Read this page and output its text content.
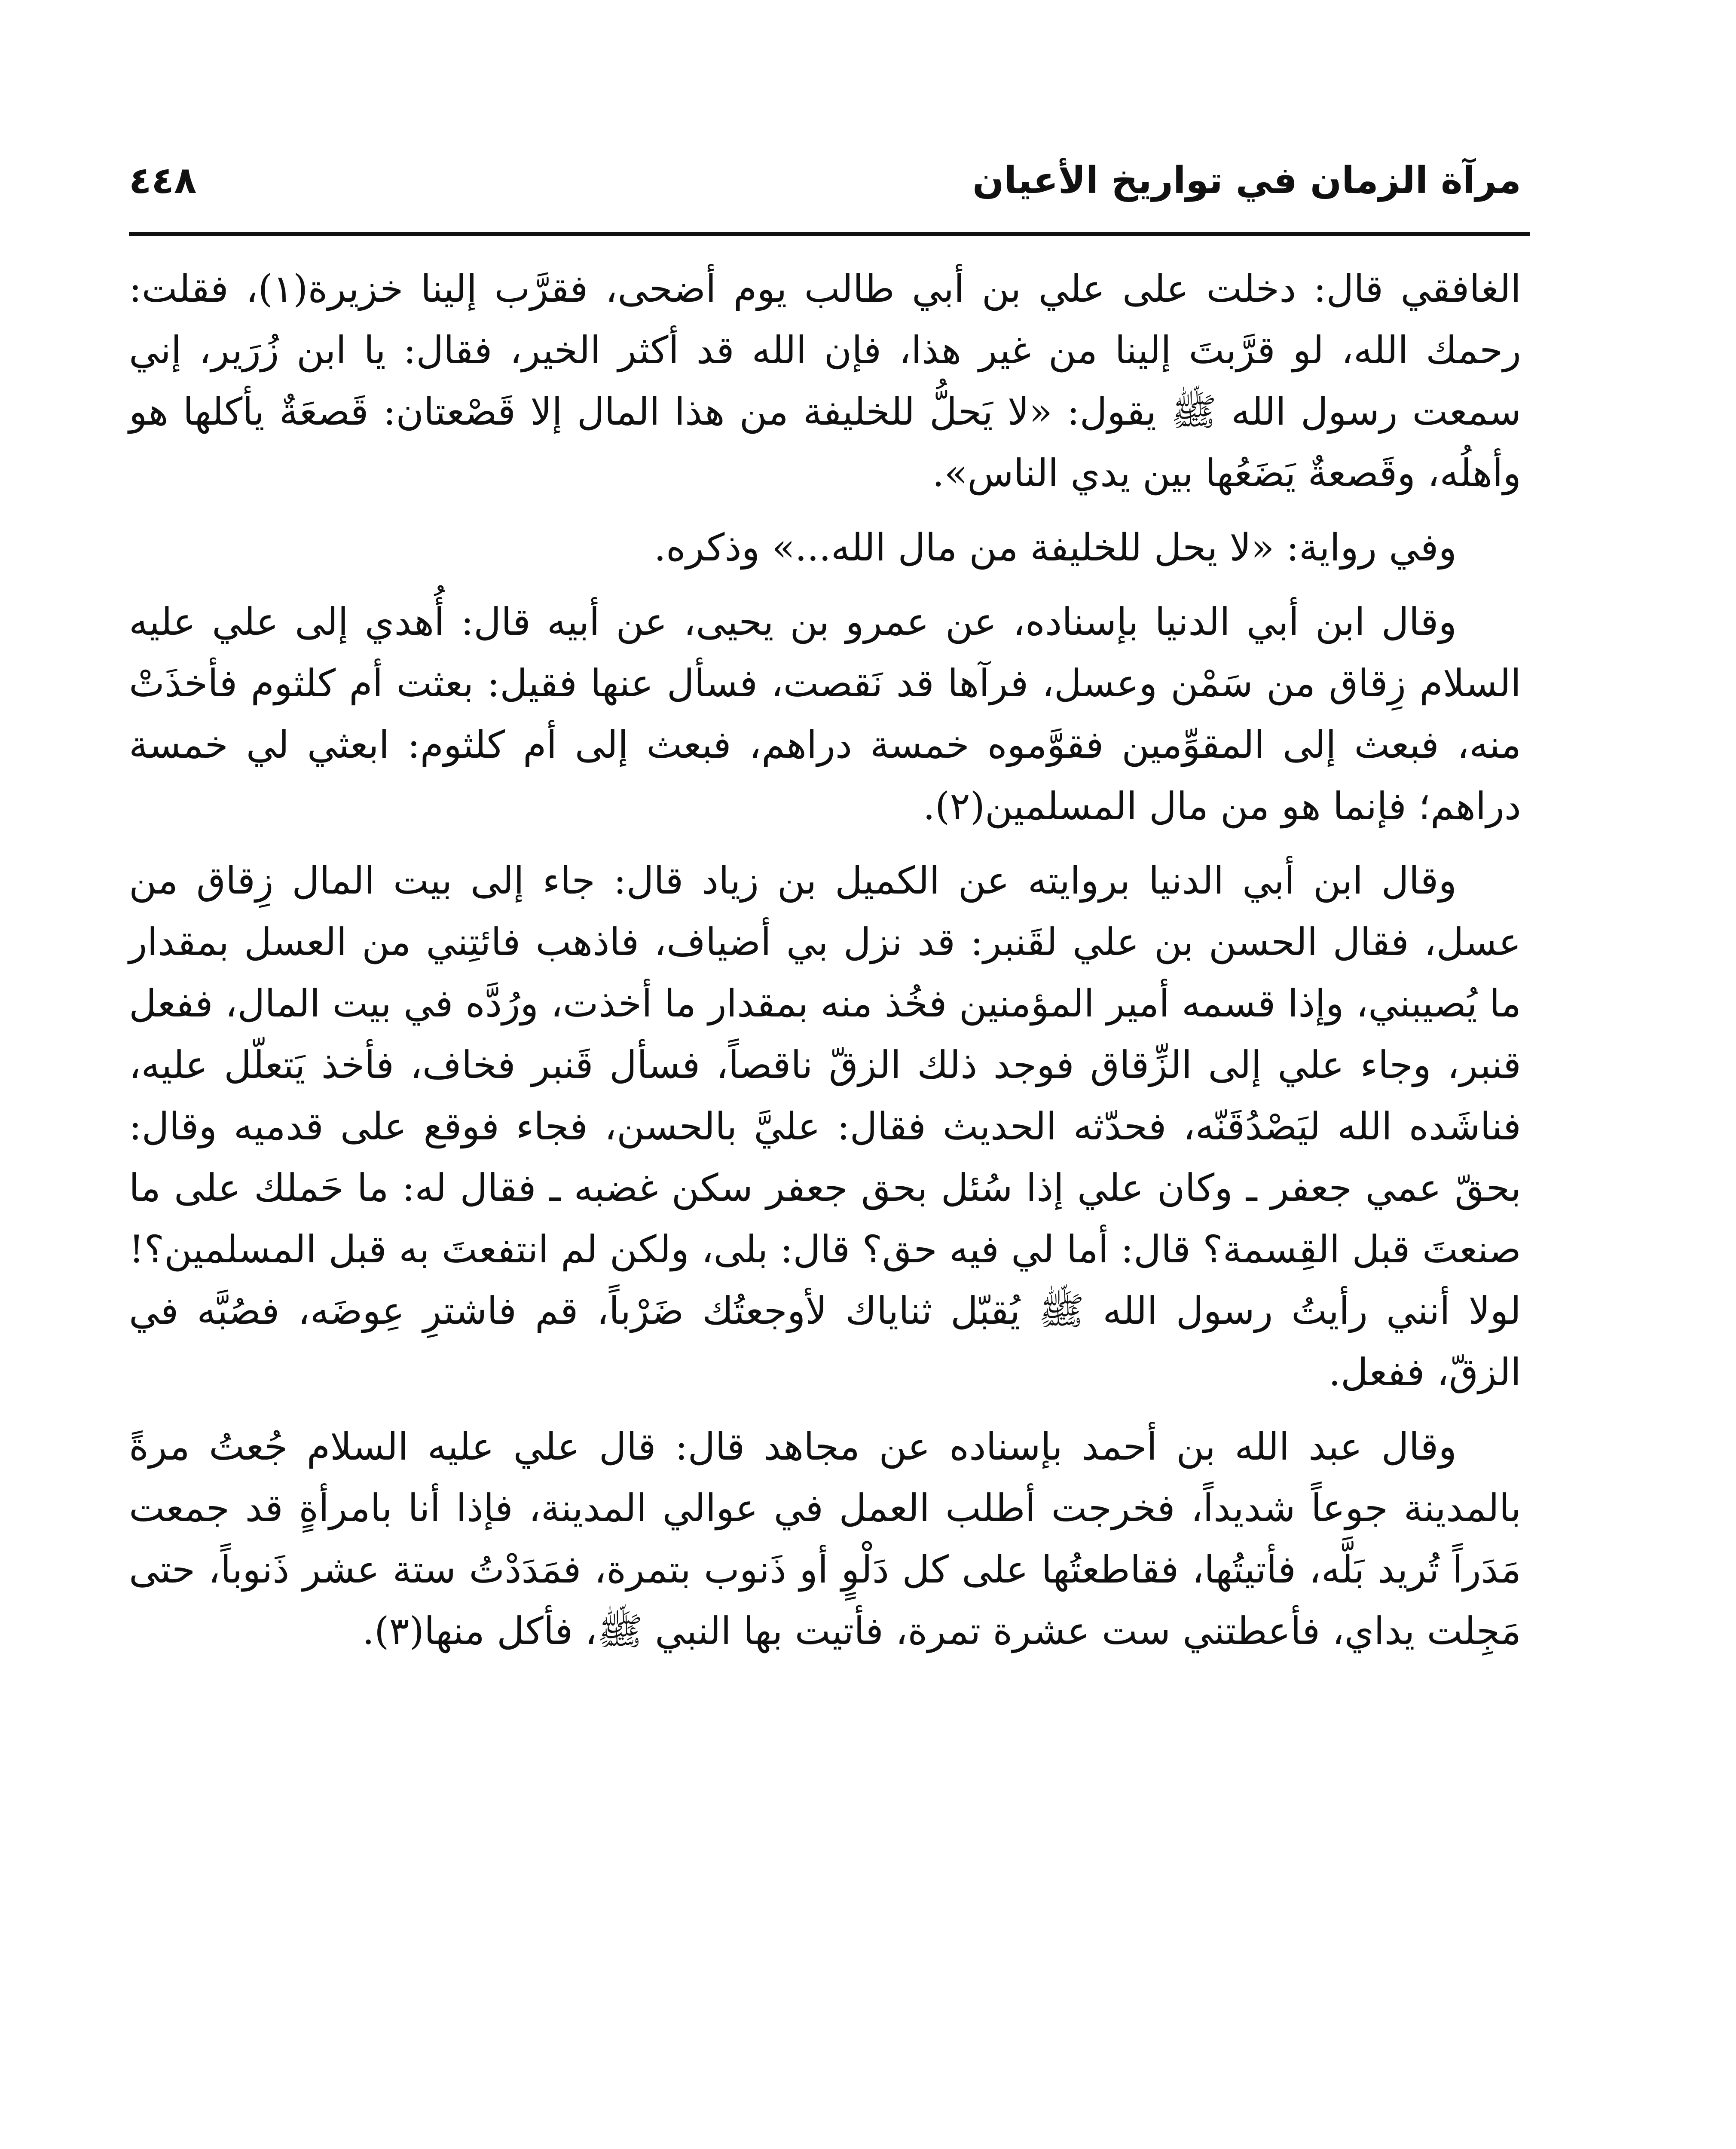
مرآة الزمان في تواريخ الأعيان
٤٤٨

الغافقي قال: دخلت على علي بن أبي طالب يوم أضحى، فقرَّب إلينا خزيرة(١)، فقلت: رحمك الله، لو قرَّبتَ إلينا من غير هذا، فإن الله قد أكثر الخير، فقال: يا ابن زُرَير، إني سمعت رسول الله ﷺ يقول: «لا يَحلُّ للخليفة من هذا المال إلا قَصْعتان: قَصعَةٌ يأكلها هو وأهلُه، وقَصعةٌ يَضَعُها بين يدي الناس».

وفي رواية: «لا يحل للخليفة من مال الله...» وذكره.

وقال ابن أبي الدنيا بإسناده، عن عمرو بن يحيى، عن أبيه قال: أُهدي إلى علي عليه السلام زِقاق من سَمْن وعسل، فرآها قد نَقصت، فسأل عنها فقيل: بعثت أم كلثوم فأخذَتْ منه، فبعث إلى المقوِّمين فقوَّموه خمسة دراهم، فبعث إلى أم كلثوم: ابعثي لي خمسة دراهم؛ فإنما هو من مال المسلمين(٢).

وقال ابن أبي الدنيا بروايته عن الكميل بن زياد قال: جاء إلى بيت المال زِقاق من عسل، فقال الحسن بن علي لقَنبر: قد نزل بي أضياف، فاذهب فائتِني من العسل بمقدار ما يُصيبني، وإذا قسمه أمير المؤمنين فخُذ منه بمقدار ما أخذت، ورُدَّه في بيت المال، ففعل قنبر، وجاء علي إلى الزِّقاق فوجد ذلك الزقّ ناقصاً، فسأل قَنبر فخاف، فأخذ يَتعلّل عليه، فناشَده الله ليَصْدُقَنّه، فحدّثه الحديث فقال: عليَّ بالحسن، فجاء فوقع على قدميه وقال: بحقّ عمي جعفر ـ وكان علي إذا سُئل بحق جعفر سكن غضبه ـ فقال له: ما حَملك على ما صنعتَ قبل القِسمة؟ قال: أما لي فيه حق؟ قال: بلى، ولكن لم انتفعتَ به قبل المسلمين؟! لولا أنني رأيتُ رسول الله ﷺ يُقبّل ثناياك لأوجعتُك ضَرْباً، قم فاشترِ عِوضَه، فصُبَّه في الزقّ، ففعل.

وقال عبد الله بن أحمد بإسناده عن مجاهد قال: قال علي عليه السلام جُعتُ مرةً بالمدينة جوعاً شديداً، فخرجت أطلب العمل في عوالي المدينة، فإذا أنا بامرأةٍ قد جمعت مَدَراً تُريد بَلَّه، فأتيتُها، فقاطعتُها على كل دَلْوٍ أو ذَنوب بتمرة، فمَدَدْتُ ستة عشر ذَنوباً، حتى مَجِلت يداي، فأعطتني ست عشرة تمرة، فأتيت بها النبي ﷺ، فأكل منها(٣).
